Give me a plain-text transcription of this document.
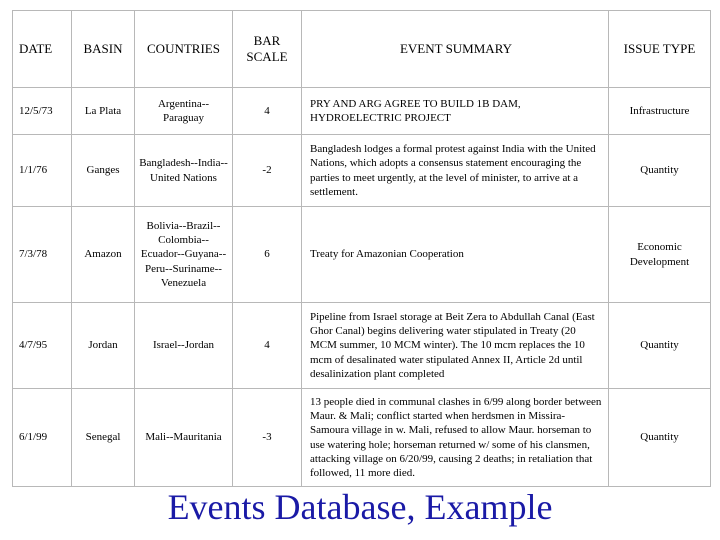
DATE	BASIN	COUNTRIES	BAR SCALE	EVENT SUMMARY	ISSUE TYPE
12/5/73	La Plata	Argentina--Paraguay	4	PRY AND ARG AGREE TO BUILD 1B DAM, HYDROELECTRIC PROJECT	Infrastructure
1/1/76	Ganges	Bangladesh--India--United Nations	-2	Bangladesh lodges a formal protest against India with the United Nations, which adopts a consensus statement encouraging the parties to meet urgently, at the level of minister, to arrive at a settlement.	Quantity
7/3/78	Amazon	Bolivia--Brazil--Colombia--Ecuador--Guyana--Peru--Suriname--Venezuela	6	Treaty for Amazonian Cooperation	Economic Development
4/7/95	Jordan	Israel--Jordan	4	Pipeline from Israel storage at Beit Zera to Abdullah Canal (East Ghor Canal) begins delivering water stipulated in Treaty (20 MCM summer, 10 MCM winter). The 10 mcm replaces the 10 mcm of desalinated water stipulated Annex II, Article 2d until desalinization plant completed	Quantity
6/1/99	Senegal	Mali--Mauritania	-3	13 people died in communal clashes in 6/99 along border between Maur. & Mali; conflict started when herdsmen in Missira-Samoura village in w. Mali, refused to allow Maur. horseman to use watering hole; horseman returned w/ some of his clansmen, attacking village on 6/20/99, causing 2 deaths; in retaliation that followed, 11 more died.	Quantity
Events Database, Example
